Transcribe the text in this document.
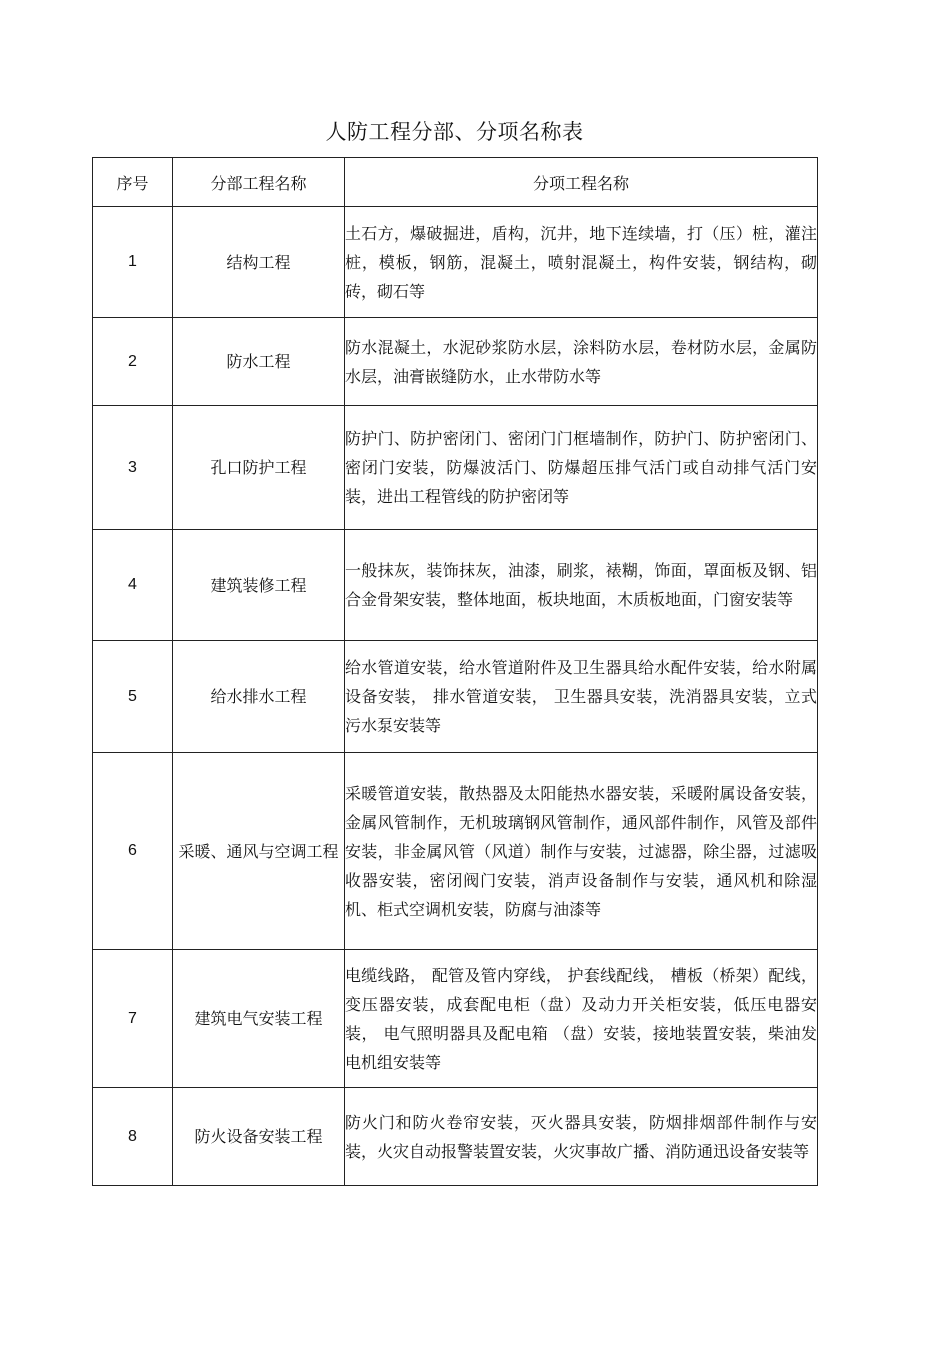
人防工程分部、分项名称表
序号	分部工程名称	分项工程名称
1	结构工程	土石方，爆破掘进，盾构，沉井，地下连续墙，打（压）桩，灌注桩，模板，钢筋，混凝土，喷射混凝土，构件安装，钢结构，砌砖，砌石等
2	防水工程	防水混凝土，水泥砂浆防水层，涂料防水层，卷材防水层，金属防水层，油膏嵌缝防水，止水带防水等
3	孔口防护工程	防护门、防护密闭门、密闭门门框墙制作，防护门、防护密闭门、密闭门安装，防爆波活门、防爆超压排气活门或自动排气活门安装，进出工程管线的防护密闭等
4	建筑装修工程	一般抹灰，装饰抹灰，油漆，刷浆，裱糊，饰面，罩面板及钢、铝合金骨架安装，整体地面，板块地面，木质板地面，门窗安装等
5	给水排水工程	给水管道安装，给水管道附件及卫生器具给水配件安装，给水附属设备安装， 排水管道安装， 卫生器具安装，洗消器具安装，立式污水泵安装等
6	采暖、通风与空调工程	采暖管道安装，散热器及太阳能热水器安装，采暖附属设备安装，金属风管制作，无机玻璃钢风管制作，通风部件制作，风管及部件安装，非金属风管（风道）制作与安装，过滤器，除尘器，过滤吸收器安装，密闭阀门安装，消声设备制作与安装，通风机和除湿机、柜式空调机安装，防腐与油漆等
7	建筑电气安装工程	电缆线路， 配管及管内穿线， 护套线配线， 槽板（桥架）配线，变压器安装，成套配电柜（盘）及动力开关柜安装，低压电器安装， 电气照明器具及配电箱 （盘）安装，接地装置安装，柴油发电机组安装等
8	防火设备安装工程	防火门和防火卷帘安装，灭火器具安装，防烟排烟部件制作与安装，火灾自动报警装置安装，火灾事故广播、消防通迅设备安装等
